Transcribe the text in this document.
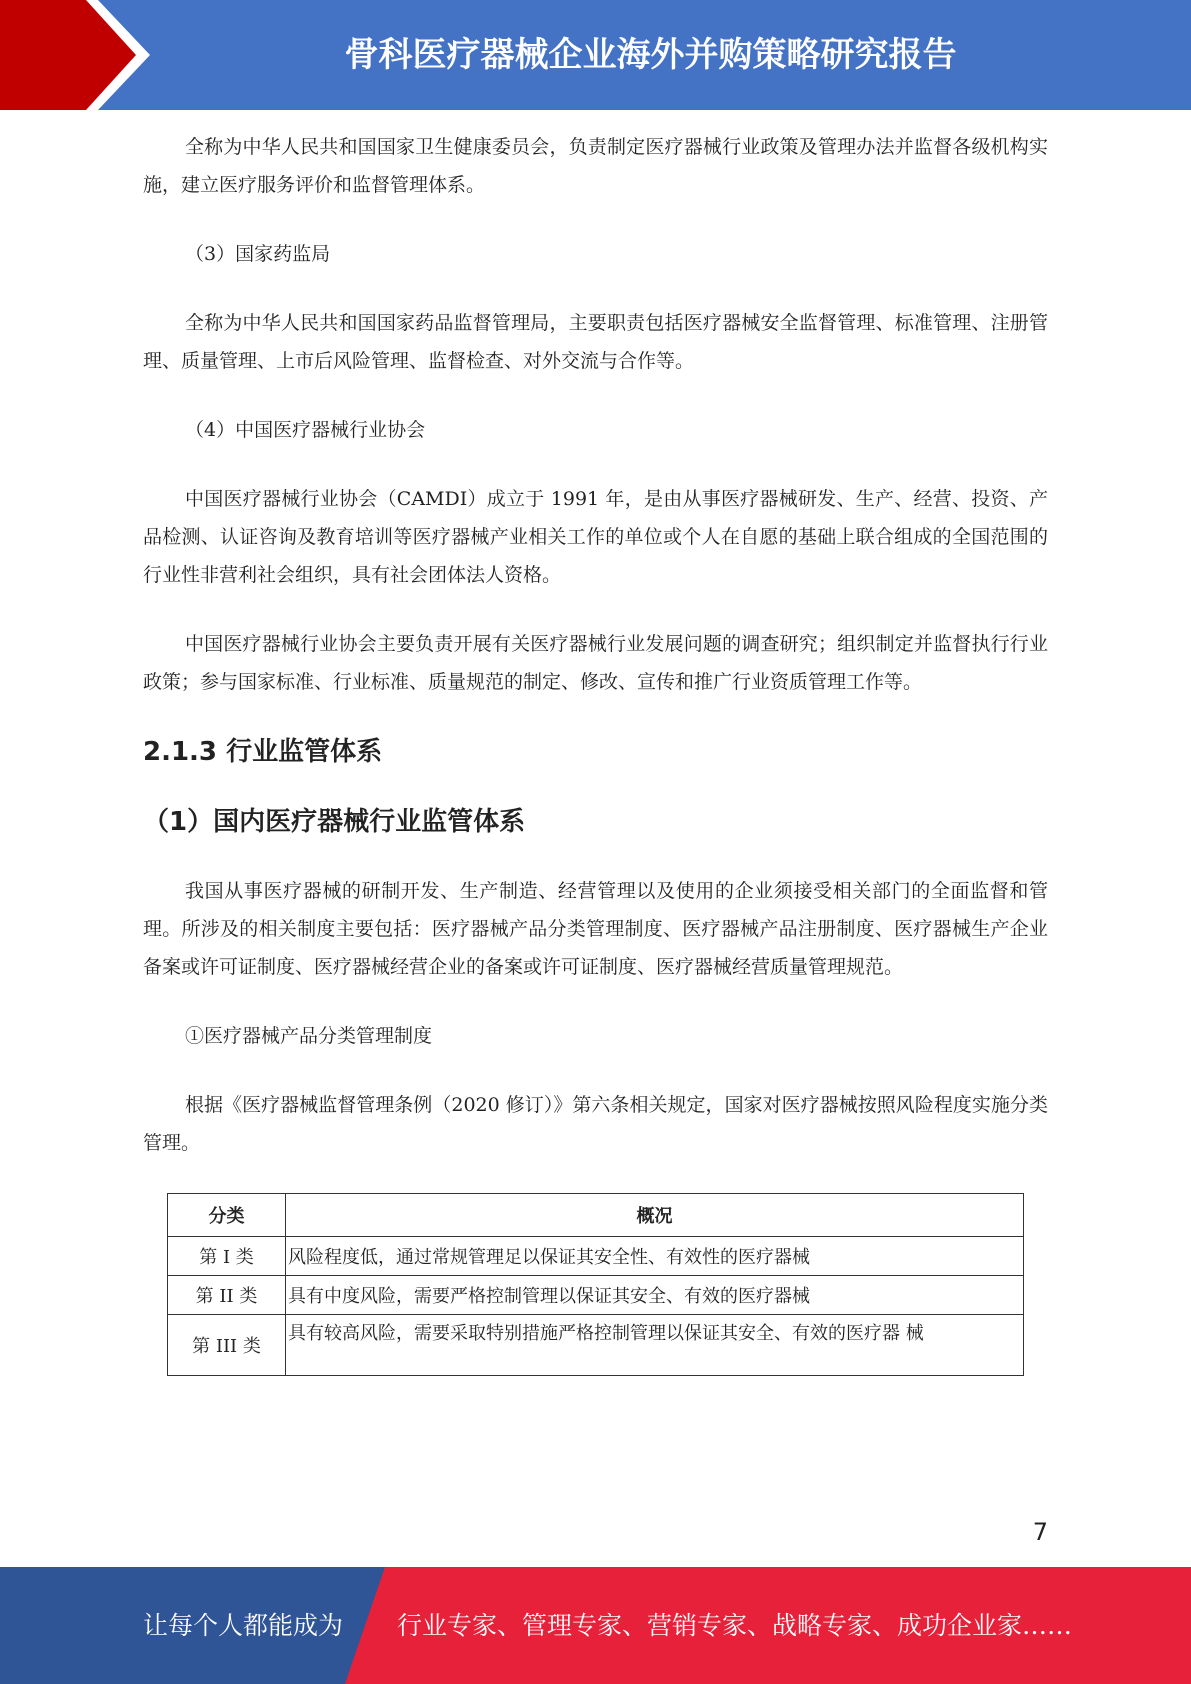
骨科医疗器械企业海外并购策略研究报告

全称为中华人民共和国国家卫生健康委员会，负责制定医疗器械行业政策及管理办法并监督各级机构实施，建立医疗服务评价和监督管理体系。

（3）国家药监局

全称为中华人民共和国国家药品监督管理局，主要职责包括医疗器械安全监督管理、标准管理、注册管理、质量管理、上市后风险管理、监督检查、对外交流与合作等。

（4）中国医疗器械行业协会

中国医疗器械行业协会（CAMDI）成立于 1991 年，是由从事医疗器械研发、生产、经营、投资、产品检测、认证咨询及教育培训等医疗器械产业相关工作的单位或个人在自愿的基础上联合组成的全国范围的行业性非营利社会组织，具有社会团体法人资格。

中国医疗器械行业协会主要负责开展有关医疗器械行业发展问题的调查研究；组织制定并监督执行行业政策；参与国家标准、行业标准、质量规范的制定、修改、宣传和推广行业资质管理工作等。

2.1.3 行业监管体系
（1）国内医疗器械行业监管体系

我国从事医疗器械的研制开发、生产制造、经营管理以及使用的企业须接受相关部门的全面监督和管理。所涉及的相关制度主要包括：医疗器械产品分类管理制度、医疗器械产品注册制度、医疗器械生产企业备案或许可证制度、医疗器械经营企业的备案或许可证制度、医疗器械经营质量管理规范。

①医疗器械产品分类管理制度

根据《医疗器械监督管理条例（2020 修订）》第六条相关规定，国家对医疗器械按照风险程度实施分类管理。

分类	概况
第 I 类	风险程度低，通过常规管理足以保证其安全性、有效性的医疗器械
第 II 类	具有中度风险，需要严格控制管理以保证其安全、有效的医疗器械
第 III 类	具有较高风险，需要采取特别措施严格控制管理以保证其安全、有效的医疗器 械
7
让每个人都能成为 行业专家、管理专家、营销专家、战略专家、成功企业家……
